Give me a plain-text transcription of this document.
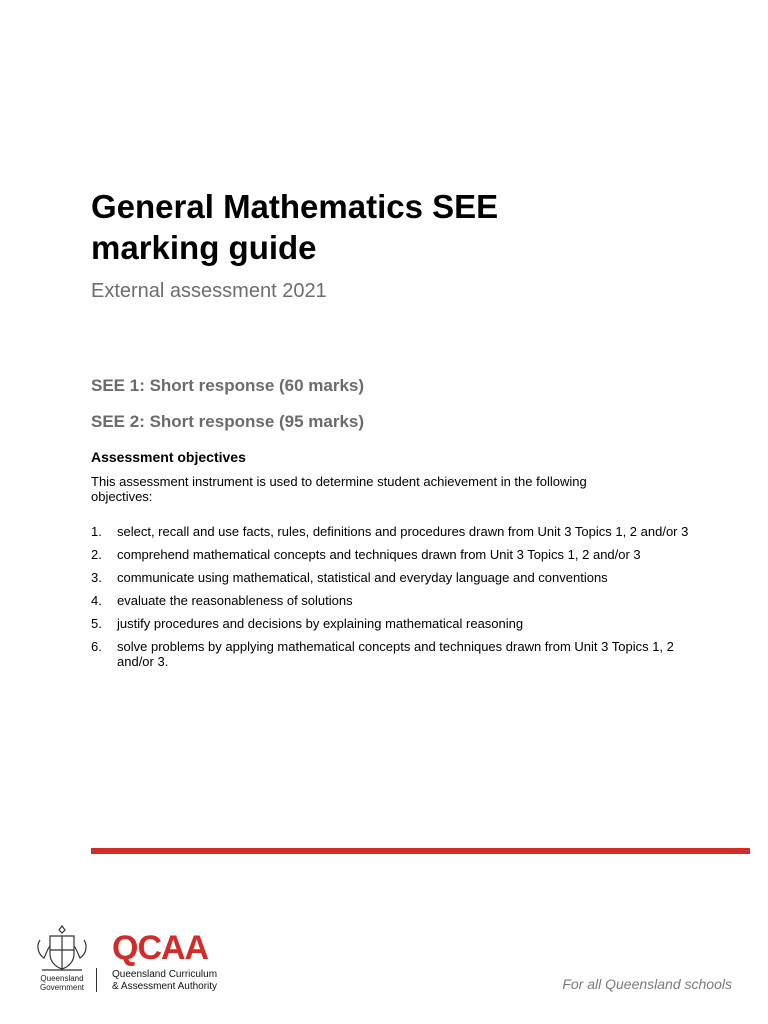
General Mathematics SEE
marking guide

External assessment 2021

SEE 1: Short response (60 marks)

SEE 2: Short response (95 marks)

Assessment objectives

This assessment instrument is used to determine student achievement in the following objectives:

1. select, recall and use facts, rules, definitions and procedures drawn from Unit 3 Topics 1, 2 and/or 3
2. comprehend mathematical concepts and techniques drawn from Unit 3 Topics 1, 2 and/or 3
3. communicate using mathematical, statistical and everyday language and conventions
4. evaluate the reasonableness of solutions
5. justify procedures and decisions by explaining mathematical reasoning
6. solve problems by applying mathematical concepts and techniques drawn from Unit 3 Topics 1, 2 and/or 3.
Queensland
Government
QCAA
Queensland Curriculum
& Assessment Authority	For all Queensland schools
